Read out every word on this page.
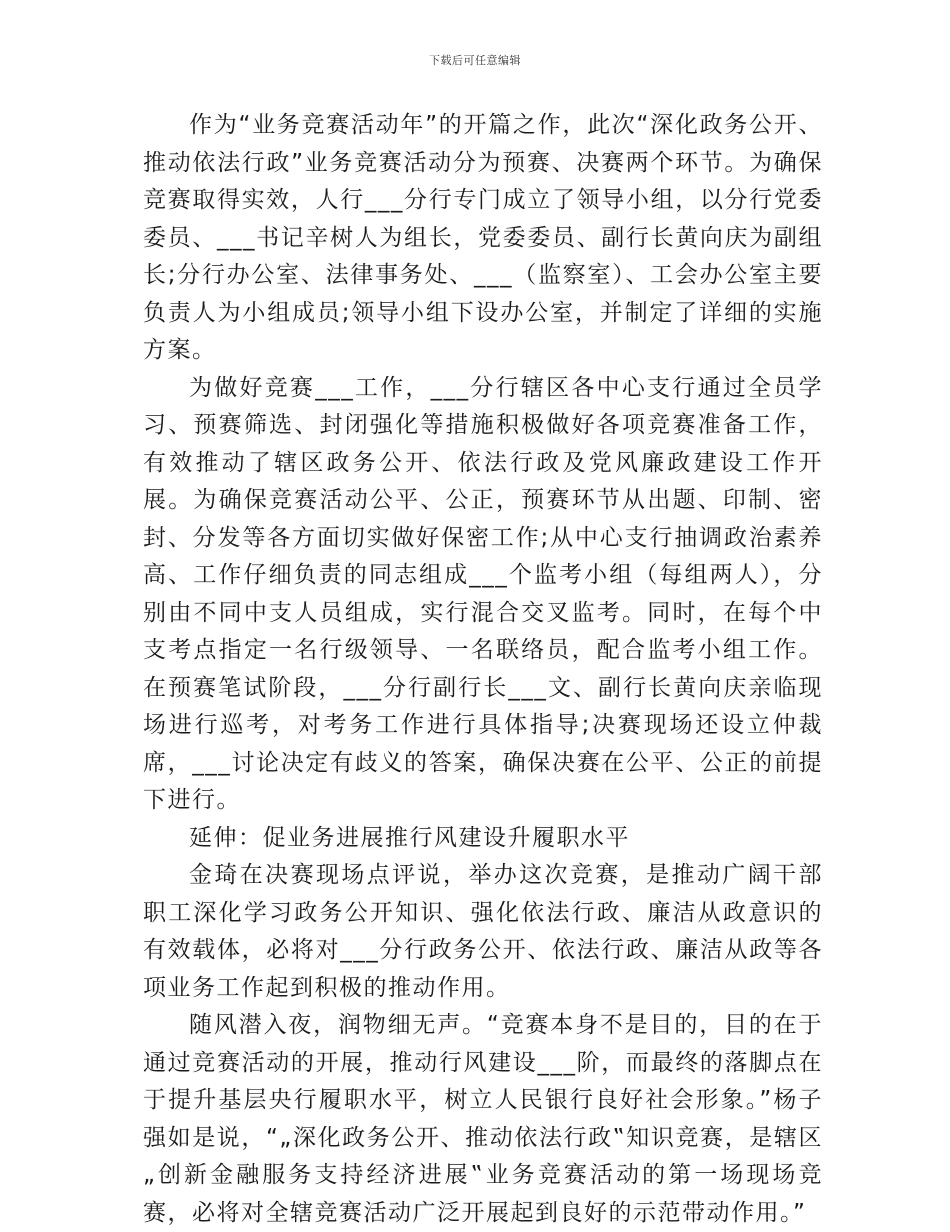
下载后可任意编辑

作为“业务竞赛活动年”的开篇之作，此次“深化政务公开、推动依法行政”业务竞赛活动分为预赛、决赛两个环节。为确保竞赛取得实效，人行___分行专门成立了领导小组，以分行党委委员、___书记辛树人为组长，党委委员、副行长黄向庆为副组长;分行办公室、法律事务处、___（监察室）、工会办公室主要负责人为小组成员;领导小组下设办公室，并制定了详细的实施方案。

为做好竞赛___工作，___分行辖区各中心支行通过全员学习、预赛筛选、封闭强化等措施积极做好各项竞赛准备工作，有效推动了辖区政务公开、依法行政及党风廉政建设工作开展。为确保竞赛活动公平、公正，预赛环节从出题、印制、密封、分发等各方面切实做好保密工作;从中心支行抽调政治素养高、工作仔细负责的同志组成___个监考小组（每组两人），分别由不同中支人员组成，实行混合交叉监考。同时，在每个中支考点指定一名行级领导、一名联络员，配合监考小组工作。在预赛笔试阶段，___分行副行长___文、副行长黄向庆亲临现场进行巡考，对考务工作进行具体指导;决赛现场还设立仲裁席，___讨论决定有歧义的答案，确保决赛在公平、公正的前提下进行。

延伸：促业务进展推行风建设升履职水平

金琦在决赛现场点评说，举办这次竞赛，是推动广阔干部职工深化学习政务公开知识、强化依法行政、廉洁从政意识的有效载体，必将对___分行政务公开、依法行政、廉洁从政等各项业务工作起到积极的推动作用。

随风潜入夜，润物细无声。“竞赛本身不是目的，目的在于通过竞赛活动的开展，推动行风建设___阶，而最终的落脚点在于提升基层央行履职水平，树立人民银行良好社会形象。”杨子强如是说，“„深化政务公开、推动依法行政‟知识竞赛，是辖区„创新金融服务支持经济进展‟业务竞赛活动的第一场现场竞赛，必将对全辖竞赛活动广泛开展起到良好的示范带动作用。”
